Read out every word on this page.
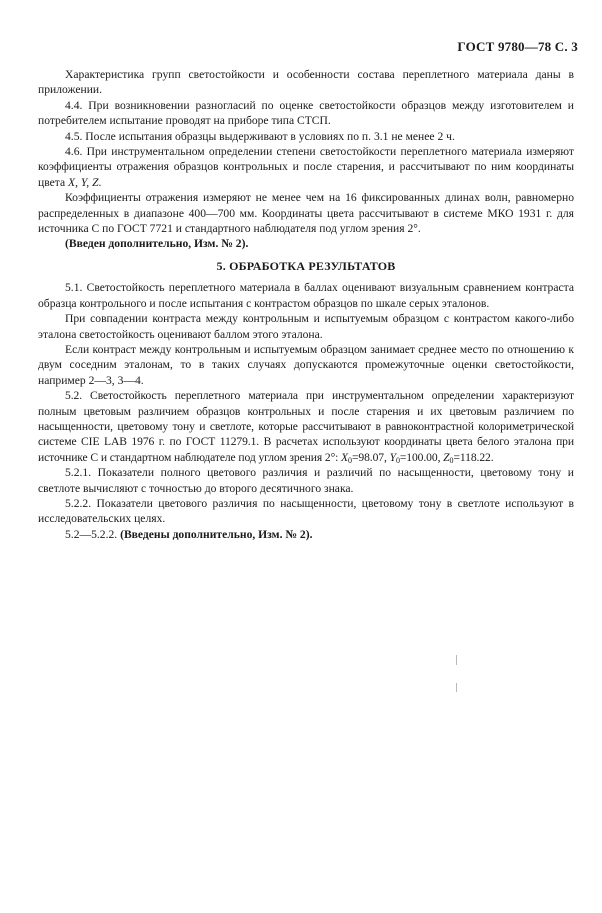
ГОСТ 9780—78 С. 3

Характеристика групп светостойкости и особенности состава переплетного материала даны в приложении.

4.4. При возникновении разногласий по оценке светостойкости образцов между изготовителем и потребителем испытание проводят на приборе типа СТСП.

4.5. После испытания образцы выдерживают в условиях по п. 3.1 не менее 2 ч.

4.6. При инструментальном определении степени светостойкости переплетного материала измеряют коэффициенты отражения образцов контрольных и после старения, и рассчитывают по ним координаты цвета X, Y, Z.

Коэффициенты отражения измеряют не менее чем на 16 фиксированных длинах волн, равномерно распределенных в диапазоне 400—700 мм. Координаты цвета рассчитывают в системе МКО 1931 г. для источника С по ГОСТ 7721 и стандартного наблюдателя под углом зрения 2°.

(Введен дополнительно, Изм. № 2).

5. ОБРАБОТКА РЕЗУЛЬТАТОВ

5.1. Светостойкость переплетного материала в баллах оценивают визуальным сравнением контраста образца контрольного и после испытания с контрастом образцов по шкале серых эталонов.

При совпадении контраста между контрольным и испытуемым образцом с контрастом какого-либо эталона светостойкость оценивают баллом этого эталона.

Если контраст между контрольным и испытуемым образцом занимает среднее место по отношению к двум соседним эталонам, то в таких случаях допускаются промежуточные оценки светостойкости, например 2—3, 3—4.

5.2. Светостойкость переплетного материала при инструментальном определении характеризуют полным цветовым различием образцов контрольных и после старения и их цветовым различием по насыщенности, цветовому тону и светлоте, которые рассчитывают в равноконтрастной колориметрической системе CIE LAB 1976 г. по ГОСТ 11279.1. В расчетах используют координаты цвета белого эталона при источнике С и стандартном наблюдателе под углом зрения 2°: $X_0=98.07$, $Y_0=100.00$, $Z_0=118.22$.

5.2.1. Показатели полного цветового различия и различий по насыщенности, цветовому тону и светлоте вычисляют с точностью до второго десятичного знака.

5.2.2. Показатели цветового различия по насыщенности, цветовому тону в светлоте используют в исследовательских целях.

5.2—5.2.2. (Введены дополнительно, Изм. № 2).
